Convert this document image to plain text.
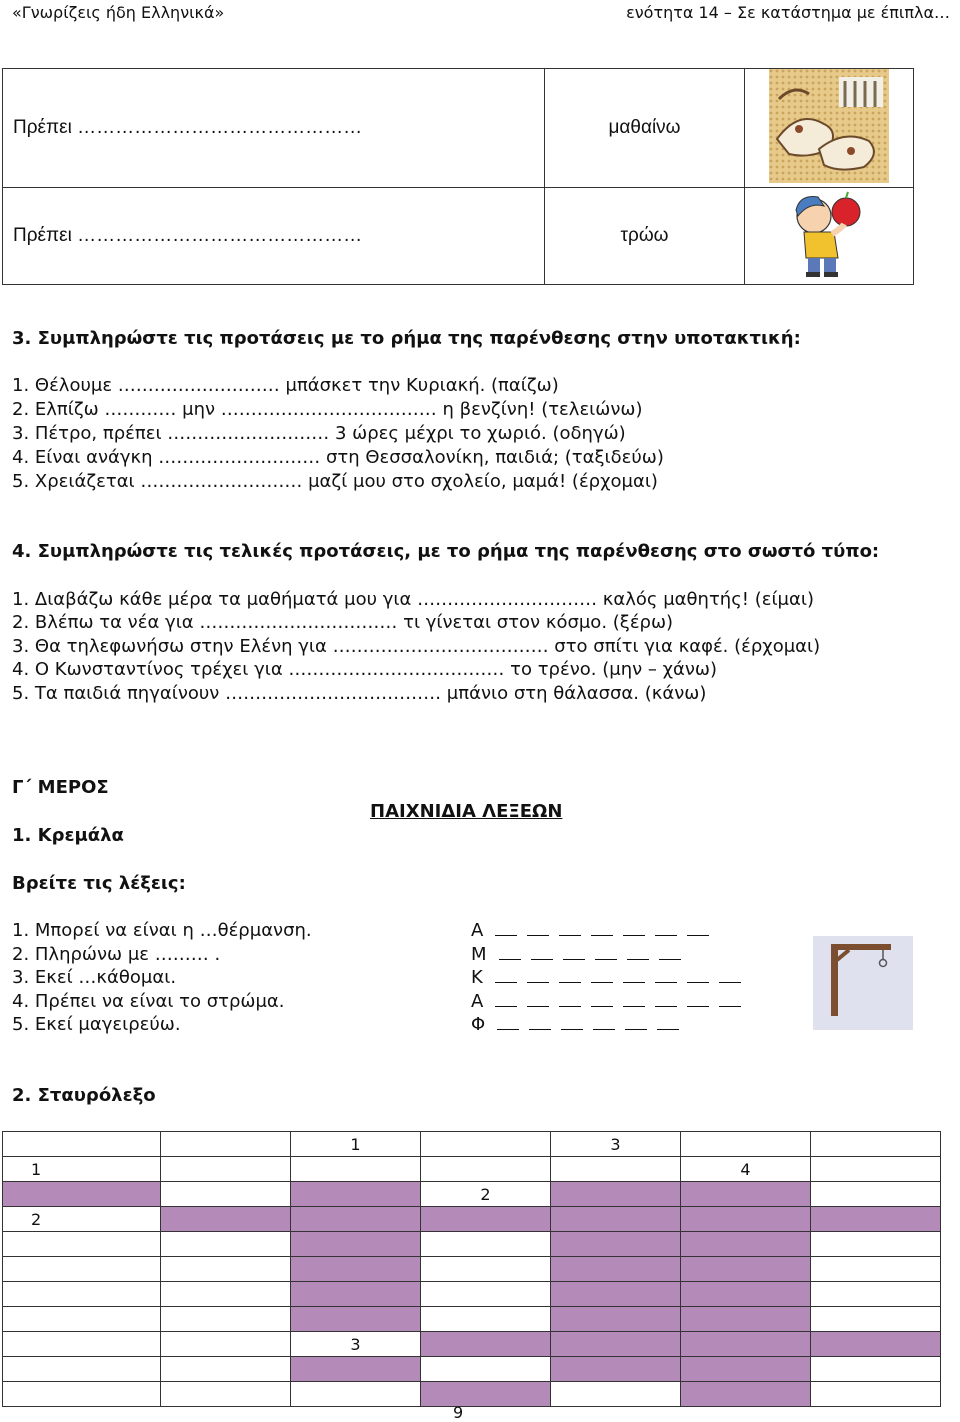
«Γνωρίζεις ήδη Ελληνικά»	ενότητα 14 – Σε κατάστημα με έπιπλα…
Πρέπει ………………………………………	μαθαίνω	
Πρέπει ………………………………………	τρώω	
3. Συμπληρώστε τις προτάσεις με το ρήμα της παρένθεσης στην υποτακτική:
1. Θέλουμε ……………………… μπάσκετ την Κυριακή. (παίζω)
2. Ελπίζω ………… μην ……………………………… η βενζίνη! (τελειώνω)
3. Πέτρο, πρέπει ……………………… 3 ώρες μέχρι το χωριό. (οδηγώ)
4. Είναι ανάγκη ……………………… στη Θεσσαλονίκη, παιδιά; (ταξιδεύω)
5. Χρειάζεται ……………………… μαζί μου στο σχολείο, μαμά! (έρχομαι)
4. Συμπληρώστε τις τελικές προτάσεις, με το ρήμα της παρένθεσης στο σωστό τύπο:
1. Διαβάζω κάθε μέρα τα μαθήματά μου για ………………………… καλός μαθητής! (είμαι)
2. Βλέπω τα νέα για …………………………… τι γίνεται στον κόσμο. (ξέρω)
3. Θα τηλεφωνήσω στην Ελένη για ……………………………… στο σπίτι για καφέ. (έρχομαι)
4. Ο Κωνσταντίνος τρέχει για ……………………………… το τρένο. (μην – χάνω)
5. Τα παιδιά πηγαίνουν ……………………………… μπάνιο στη θάλασσα. (κάνω)
Γ΄ ΜΕΡΟΣ
ΠΑΙΧΝΙΔΙΑ ΛΕΞΕΩΝ
1. Κρεμάλα
Βρείτε τις λέξεις:
1. Μπορεί να είναι η …θέρμανση.
2. Πληρώνω με ……… .
3. Εκεί …κάθομαι.
4. Πρέπει να είναι το στρώμα.
5. Εκεί μαγειρεύω.
Α
Μ
Κ
Α
Φ
2. Σταυρόλεξο
		1		3		
1					4	
			2			
2						

		3				

9
